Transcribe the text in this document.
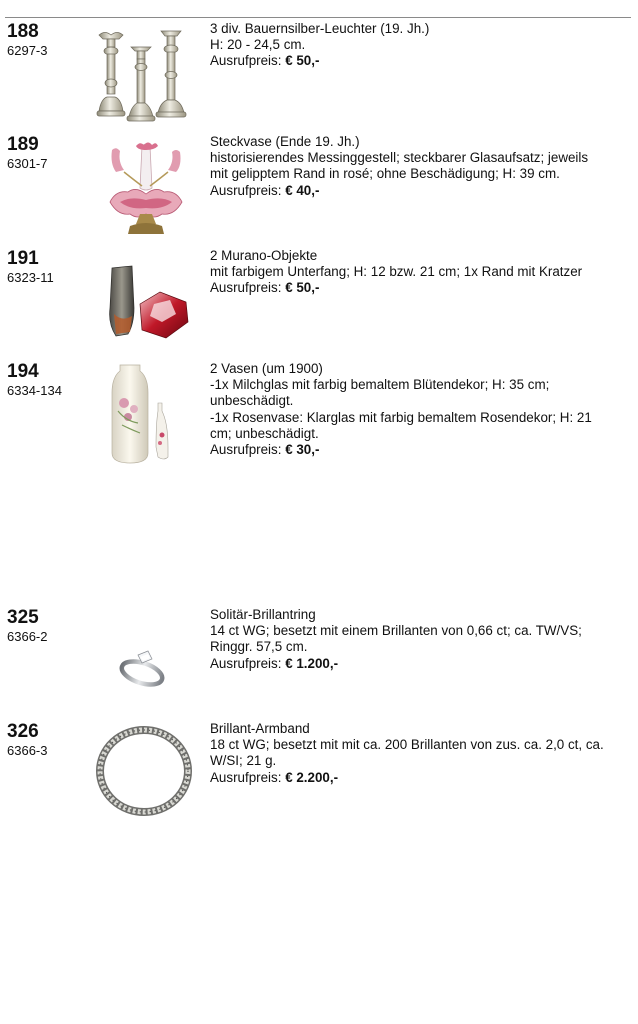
188
6297-3
3 div. Bauernsilber-Leuchter (19. Jh.)
H: 20 - 24,5 cm.
Ausrufpreis: € 50,-
189
6301-7
Steckvase (Ende 19. Jh.)
historisierendes Messinggestell; steckbarer Glasaufsatz; jeweils
mit gelipptem Rand in rosé; ohne Beschädigung; H: 39 cm.
Ausrufpreis: € 40,-
191
6323-11
2 Murano-Objekte
mit farbigem Unterfang; H: 12 bzw. 21 cm; 1x Rand mit Kratzer
Ausrufpreis: € 50,-
194
6334-134
2 Vasen (um 1900)
-1x Milchglas mit farbig bemaltem Blütendekor; H: 35 cm;
unbeschädigt.
-1x Rosenvase: Klarglas mit farbig bemaltem Rosendekor; H: 21
cm; unbeschädigt.
Ausrufpreis: € 30,-
325
6366-2
Solitär-Brillantring
14 ct WG; besetzt mit einem Brillanten von 0,66 ct; ca. TW/VS;
Ringgr. 57,5 cm.
Ausrufpreis: € 1.200,-
326
6366-3
Brillant-Armband
18 ct WG; besetzt mit mit ca. 200 Brillanten von zus. ca. 2,0 ct, ca.
W/SI; 21 g.
Ausrufpreis: € 2.200,-
